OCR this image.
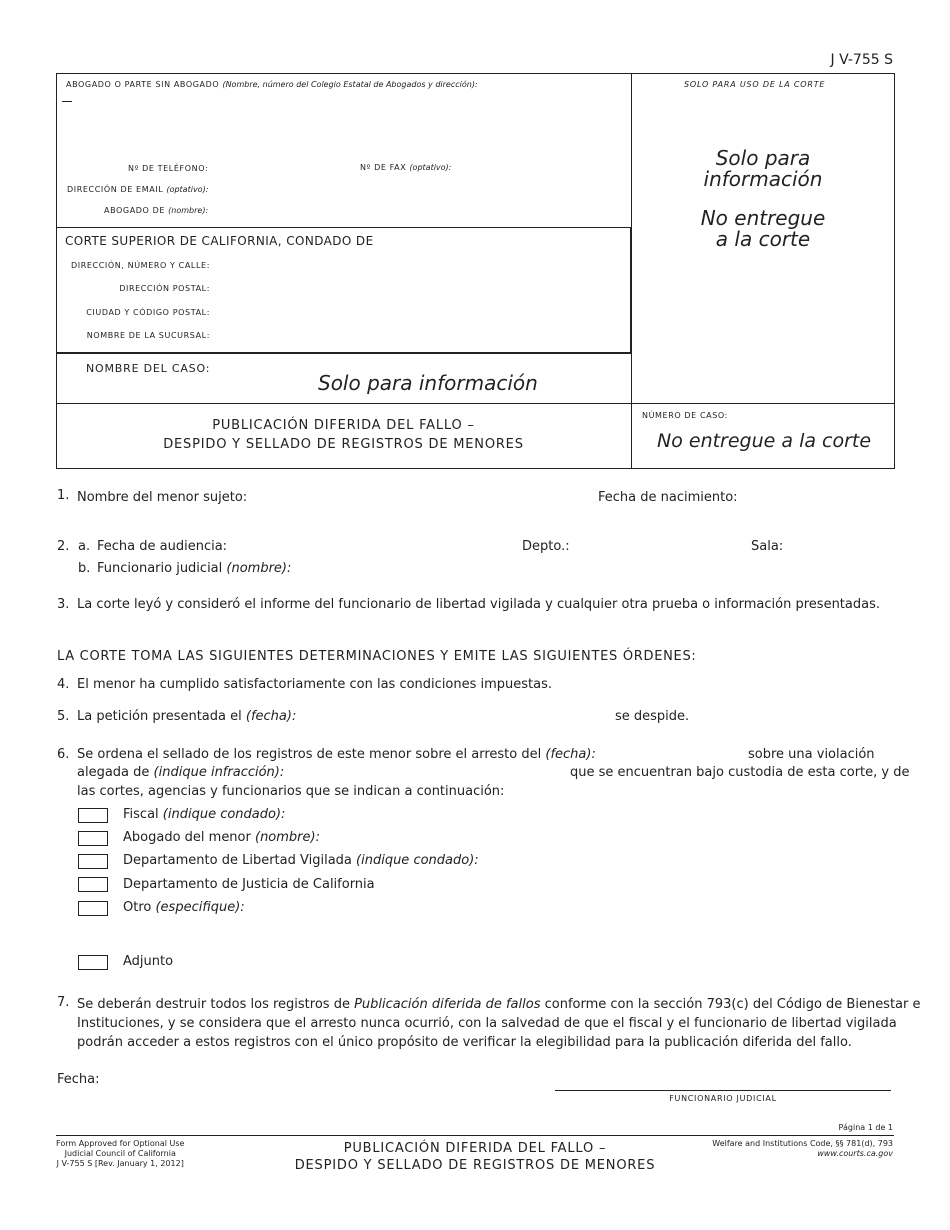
J V-755 S
ABOGADO O PARTE SIN ABOGADO (Nombre, número del Colegio Estatal de Abogados y dirección):
Nº DE TELÉFONO:	Nº DE FAX (optativo):
DIRECCIÓN DE EMAIL (optativo):
ABOGADO DE (nombre):
SOLO PARA USO DE LA CORTE
Solo para
información
No entregue
a la corte
CORTE SUPERIOR DE CALIFORNIA, CONDADO DE
DIRECCIÓN, NÚMERO Y CALLE:
DIRECCIÓN POSTAL:
CIUDAD Y CÓDIGO POSTAL:
NOMBRE DE LA SUCURSAL:
NOMBRE DEL CASO:
Solo para información
PUBLICACIÓN DIFERIDA DEL FALLO –
DESPIDO Y SELLADO DE REGISTROS DE MENORES
NÚMERO DE CASO:
No entregue a la corte
1. Nombre del menor sujeto:	Fecha de nacimiento:
2. a. Fecha de audiencia:	Depto.:	Sala:
b. Funcionario judicial (nombre):
3. La corte leyó y consideró el informe del funcionario de libertad vigilada y cualquier otra prueba o información presentadas.
LA CORTE TOMA LAS SIGUIENTES DETERMINACIONES Y EMITE LAS SIGUIENTES ÓRDENES:
4. El menor ha cumplido satisfactoriamente con las condiciones impuestas.
5. La petición presentada el (fecha):	se despide.
6. Se ordena el sellado de los registros de este menor sobre el arresto del (fecha):	sobre una violación
alegada de (indique infracción):	que se encuentran bajo custodia de esta corte, y de
las cortes, agencias y funcionarios que se indican a continuación:
Fiscal (indique condado):
Abogado del menor (nombre):
Departamento de Libertad Vigilada (indique condado):
Departamento de Justicia de California
Otro (especifique):
Adjunto
7. Se deberán destruir todos los registros de Publicación diferida de fallos conforme con la sección 793(c) del Código de Bienestar e
Instituciones, y se considera que el arresto nunca ocurrió, con la salvedad de que el fiscal y el funcionario de libertad vigilada
podrán acceder a estos registros con el único propósito de verificar la elegibilidad para la publicación diferida del fallo.
Fecha:
FUNCIONARIO JUDICIAL
Página 1 de 1
Form Approved for Optional Use
Judicial Council of California
J V-755 S [Rev. January 1, 2012]
PUBLICACIÓN DIFERIDA DEL FALLO –
DESPIDO Y SELLADO DE REGISTROS DE MENORES
Welfare and Institutions Code, §§ 781(d), 793
www.courts.ca.gov
